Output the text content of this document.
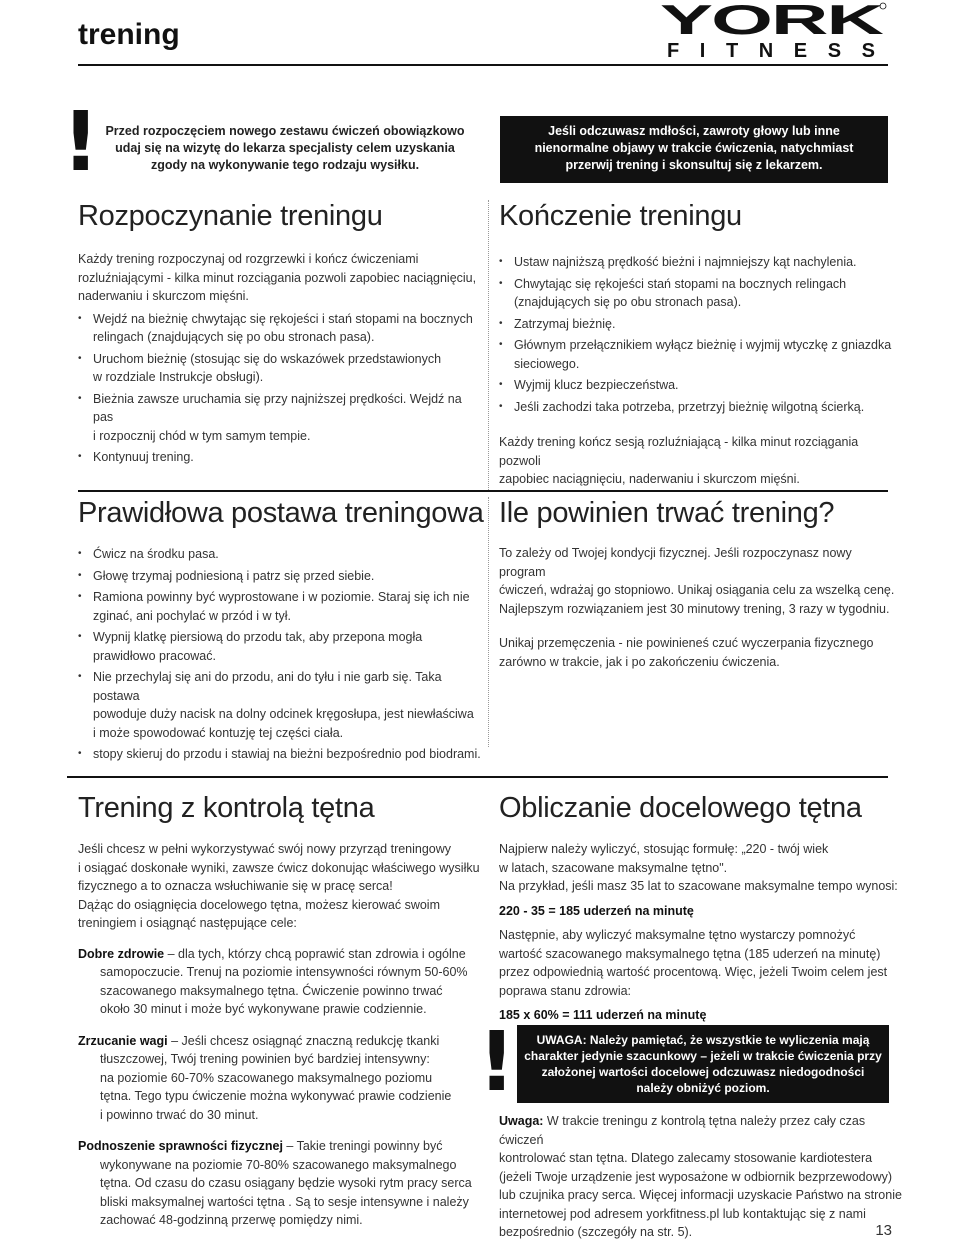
trening	YORK
FITNESS
! Przed rozpoczęciem nowego zestawu ćwiczeń obowiązkowo
udaj się na wizytę do lekarza specjalisty celem uzyskania
zgody na wykonywanie tego rodzaju wysiłku.
Jeśli odczuwasz mdłości, zawroty głowy lub inne
nienormalne objawy w trakcie ćwiczenia, natychmiast
przerwij trening i skonsultuj się z lekarzem.
Rozpoczynanie treningu

Każdy trening rozpoczynaj od rozgrzewki i kończ ćwiczeniami
rozluźniającymi - kilka minut rozciągania pozwoli zapobiec naciągnięciu,
naderwaniu i skurczom mięśni.

• Wejdź na bieżnię chwytając się rękojeści i stań stopami na bocznych
relingach (znajdujących się po obu stronach pasa).
• Uruchom bieżnię (stosując się do wskazówek przedstawionych
w rozdziale Instrukcje obsługi).
• Bieżnia zawsze uruchamia się przy najniższej prędkości. Wejdź na pas
i rozpocznij chód w tym samym tempie.
• Kontynuuj trening.
Kończenie treningu
• Ustaw najniższą prędkość bieżni i najmniejszy kąt nachylenia.
• Chwytając się rękojeści stań stopami na bocznych relingach
(znajdujących się po obu stronach pasa).
• Zatrzymaj bieżnię.
• Głównym przełącznikiem wyłącz bieżnię i wyjmij wtyczkę z gniazdka
sieciowego.
• Wyjmij klucz bezpieczeństwa.
• Jeśli zachodzi taka potrzeba, przetrzyj bieżnię wilgotną ścierką.

Każdy trening kończ sesją rozluźniającą - kilka minut rozciągania pozwoli
zapobiec naciągnięciu, naderwaniu i skurczom mięśni.

Prawidłowa postawa treningowa
• Ćwicz na środku pasa.
• Głowę trzymaj podniesioną i patrz się przed siebie.
• Ramiona powinny być wyprostowane i w poziomie. Staraj się ich nie
zginać, ani pochylać w przód i w tył.
• Wypnij klatkę piersiową do przodu tak, aby przepona mogła
prawidłowo pracować.
• Nie przechylaj się ani do przodu, ani do tyłu i nie garb się. Taka postawa
powoduje duży nacisk na dolny odcinek kręgosłupa, jest niewłaściwa
i może spowodować kontuzję tej części ciała.
• stopy skieruj do przodu i stawiaj na bieżni bezpośrednio pod biodrami.
Ile powinien trwać trening?

To zależy od Twojej kondycji fizycznej. Jeśli rozpoczynasz nowy program
ćwiczeń, wdrażaj go stopniowo. Unikaj osiągania celu za wszelką cenę.
Najlepszym rozwiązaniem jest 30 minutowy trening, 3 razy w tygodniu.

Unikaj przemęczenia - nie powinieneś czuć wyczerpania fizycznego
zarówno w trakcie, jak i po zakończeniu ćwiczenia.

Trening z kontrolą tętna

Jeśli chcesz w pełni wykorzystywać swój nowy przyrząd treningowy
i osiągać doskonałe wyniki, zawsze ćwicz dokonując właściwego wysiłku
fizycznego a to oznacza wsłuchiwanie się w pracę serca!
Dążąc do osiągnięcia docelowego tętna, możesz kierować swoim
treningiem i osiągnąć następujące cele:

Dobre zdrowie – dla tych, którzy chcą poprawić stan zdrowia i ogólne
samopoczucie. Trenuj na poziomie intensywności równym 50-60%
szacowanego maksymalnego tętna. Ćwiczenie powinno trwać
około 30 minut i może być wykonywane prawie codziennie.
Zrzucanie wagi – Jeśli chcesz osiągnąć znaczną redukcję tkanki
tłuszczowej, Twój trening powinien być bardziej intensywny:
na poziomie 60-70% szacowanego maksymalnego poziomu
tętna. Tego typu ćwiczenie można wykonywać prawie codzienie
i powinno trwać do 30 minut.
Podnoszenie sprawności fizycznej – Takie treningi powinny być
wykonywane na poziomie 70-80% szacowanego maksymalnego
tętna. Od czasu do czasu osiągany będzie wysoki rytm pracy serca
bliski maksymalnej wartości tętna . Są to sesje intensywne i należy
zachować 48-godzinną przerwę pomiędzy nimi.
Obliczanie docelowego tętna

Najpierw należy wyliczyć, stosując formułę: „220 - twój wiek
w latach, szacowane maksymalne tętno".
Na przykład, jeśli masz 35 lat to szacowane maksymalne tempo wynosi:

220 - 35 = 185 uderzeń na minutę

Następnie, aby wyliczyć maksymalne tętno wystarczy pomnożyć
wartość szacowanego maksymalnego tętna (185 uderzeń na minutę)
przez odpowiednią wartość procentową. Więc, jeżeli Twoim celem jest
poprawa stanu zdrowia:

185 x 60% = 111 uderzeń na minutę

!	UWAGA: Należy pamiętać, że wszystkie te wyliczenia mają
charakter jedynie szacunkowy – jeżeli w trakcie ćwiczenia przy
założonej wartości docelowej odczuwasz niedogodności
należy obniżyć poziom.

Uwaga: W trakcie treningu z kontrolą tętna należy przez cały czas ćwiczeń
kontrolować stan tętna. Dlatego zalecamy stosowanie kardiotestera
(jeżeli Twoje urządzenie jest wyposażone w odbiornik bezprzewodowy)
lub czujnika pracy serca. Więcej informacji uzyskacie Państwo na stronie
internetowej pod adresem yorkfitness.pl lub kontaktując się z nami
bezpośrednio (szczegóły na str. 5).	13
